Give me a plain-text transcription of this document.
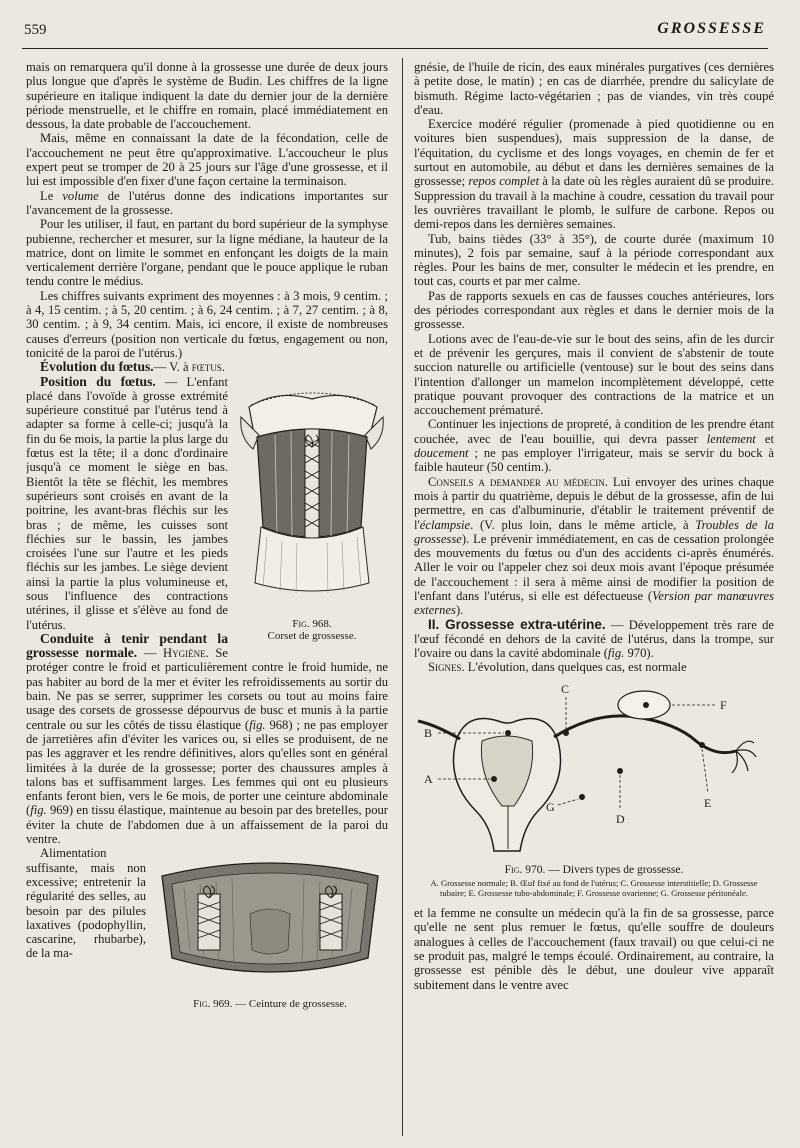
559	GROSSESSE

mais on remarquera qu'il donne à la grossesse une durée de deux jours plus longue que d'après le système de Budin. Les chiffres de la ligne supérieure en italique indiquent la date du dernier jour de la dernière période menstruelle, et le chiffre en romain, placé immédiatement en dessous, la date probable de l'accouchement.

Mais, même en connaissant la date de la fécondation, celle de l'accouchement ne peut être qu'approximative. L'accoucheur le plus expert peut se tromper de 20 à 25 jours sur l'âge d'une grossesse, et il lui est impossible d'en fixer d'une façon certaine la terminaison.

Le volume de l'utérus donne des indications importantes sur l'avancement de la grossesse.

Pour les utiliser, il faut, en partant du bord supérieur de la symphyse pubienne, rechercher et mesurer, sur la ligne médiane, la hauteur de la matrice, dont on limite le sommet en enfonçant les doigts de la main verticalement derrière l'organe, pendant que le pouce applique le ruban tendu contre le médius.

Les chiffres suivants expriment des moyennes : à 3 mois, 9 centim. ; à 4, 15 centim. ; à 5, 20 centim. ; à 6, 24 centim. ; à 7, 27 centim. ; à 8, 30 centim. ; à 9, 34 centim. Mais, ici encore, il existe de nombreuses causes d'erreurs (position non verticale du fœtus, engagement ou non, tonicité de la paroi de l'utérus.)

Évolution du fœtus.— V. à fœtus.

Fig. 968.
Corset de grossesse.

Position du fœtus. — L'enfant placé dans l'ovoïde à grosse extrémité supérieure constitué par l'utérus tend à adapter sa forme à celle-ci; jusqu'à la fin du 6e mois, la partie la plus large du fœtus est la tête; il a donc d'ordinaire jusqu'à ce moment le siège en bas. Bientôt la tête se fléchit, les membres supérieurs sont croisés en avant de la poitrine, les avant-bras fléchis sur les bras ; de même, les cuisses sont fléchies sur le bassin, les jambes croisées l'une sur l'autre et les pieds fléchis sur les jambes. Le siège devient ainsi la partie la plus volumineuse et, sous l'influence des contractions utérines, il glisse et s'élève au fond de l'utérus.

Conduite à tenir pendant la grossesse normale. — Hygiène. Se protéger contre le froid et particulièrement contre le froid humide, ne pas habiter au bord de la mer et éviter les refroidissements au sortir du bain. Ne pas se serrer, supprimer les corsets ou tout au moins faire usage des corsets de grossesse dépourvus de busc et munis à la partie centrale ou sur les côtés de tissu élastique (fig. 968) ; ne pas employer de jarretières afin d'éviter les varices ou, si elles se produisent, de ne pas les aggraver et les rendre définitives, alors qu'elles sont en général limitées à la durée de la grossesse; porter des chaussures amples à talons bas et suffisamment larges. Les femmes qui ont eu plusieurs enfants feront bien, vers le 6e mois, de porter une ceinture abdominale (fig. 969) en tissu élastique, maintenue au besoin par des bretelles, pour éviter la chute de l'abdomen due à un affaissement de la paroi du ventre.

Fig. 969. — Ceinture de grossesse.

Alimentation suffisante, mais non excessive; entretenir la régularité des selles, au besoin par des pilules laxatives (podophyllin, cascarine, rhubarbe), de la ma-

gnésie, de l'huile de ricin, des eaux minérales purgatives (ces dernières à petite dose, le matin) ; en cas de diarrhée, prendre du salicylate de bismuth. Régime lacto-végétarien ; pas de viandes, vin très coupé d'eau.

Exercice modéré régulier (promenade à pied quotidienne ou en voitures bien suspendues), mais suppression de la danse, de l'équitation, du cyclisme et des longs voyages, en chemin de fer et surtout en automobile, au début et dans les dernières semaines de la grossesse; repos complet à la date où les règles auraient dû se produire. Suppression du travail à la machine à coudre, cessation du travail pour les ouvrières travaillant le plomb, le sulfure de carbone. Repos ou demi-repos dans les dernières semaines.

Tub, bains tièdes (33° à 35°), de courte durée (maximum 10 minutes), 2 fois par semaine, sauf à la période correspondant aux règles. Pour les bains de mer, consulter le médecin et les prendre, en tout cas, courts et par mer calme.

Pas de rapports sexuels en cas de fausses couches antérieures, lors des périodes correspondant aux règles et dans le dernier mois de la grossesse.

Lotions avec de l'eau-de-vie sur le bout des seins, afin de les durcir et de prévenir les gerçures, mais il convient de s'abstenir de toute succion naturelle ou artificielle (ventouse) sur le bout des seins dans l'intention d'allonger un mamelon incomplètement développé, cette pratique pouvant provoquer des contractions de la matrice et un accouchement prématuré.

Continuer les injections de propreté, à condition de les prendre étant couchée, avec de l'eau bouillie, qui devra passer lentement et doucement ; ne pas employer l'irrigateur, mais se servir du bock à faible hauteur (50 centim.).

Conseils a demander au médecin. Lui envoyer des urines chaque mois à partir du quatrième, depuis le début de la grossesse, afin de lui permettre, en cas d'albuminurie, d'établir le traitement préventif de l'éclampsie. (V. plus loin, dans le même article, à Troubles de la grossesse). Le prévenir immédiatement, en cas de cessation prolongée des mouvements du fœtus ou d'un des accidents ci-après énumérés. Aller le voir ou l'appeler chez soi deux mois avant l'époque présumée de l'accouchement : il sera à même ainsi de modifier la position de l'enfant dans l'utérus, si elle est défectueuse (Version par manœuvres externes).

II. Grossesse extra-utérine. — Développement très rare de l'œuf fécondé en dehors de la cavité de l'utérus, dans la trompe, sur l'ovaire ou dans la cavité abdominale (fig. 970).

Signes. L'évolution, dans quelques cas, est normale

B
A
C
D
F
E
G
Fig. 970. — Divers types de grossesse.
A. Grossesse normale; B. Œuf fixé au fond de l'utérus; C. Grossesse interstitielle; D. Grossesse tubaire; E. Grossesse tubo-abdominale; F. Grossesse ovarienne; G. Grossesse péritonéale.

et la femme ne consulte un médecin qu'à la fin de sa grossesse, parce qu'elle ne sent plus remuer le fœtus, qu'elle souffre de douleurs analogues à celles de l'accouchement (faux travail) ou que celui-ci ne se produit pas, malgré le temps écoulé. Ordinairement, au contraire, la grossesse est pénible dès le début, une douleur vive apparaît subitement dans le ventre avec
